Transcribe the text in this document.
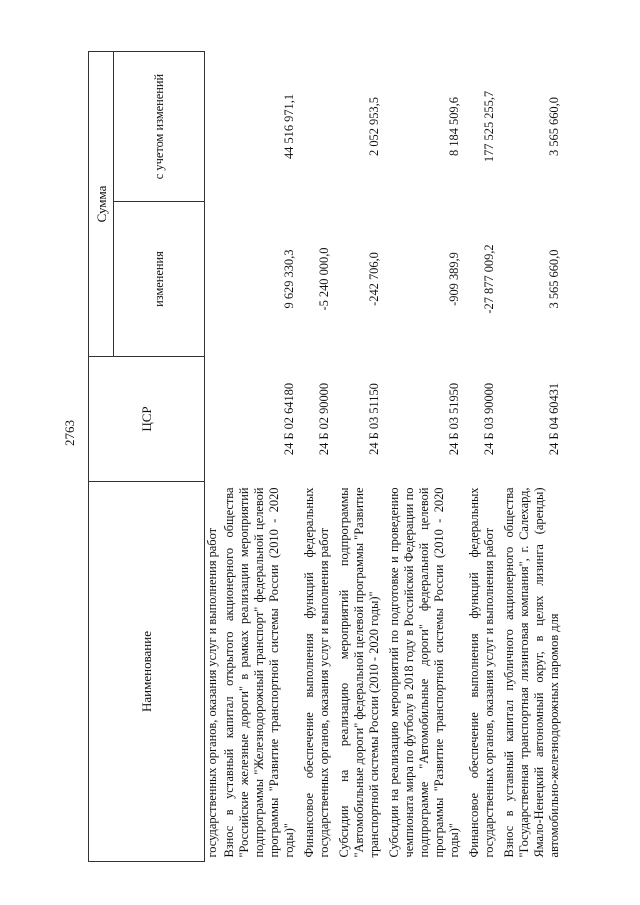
2763
Наименование	ЦСР	Сумма	
		изменения	с учетом изменений
государственных органов, оказания услуг и выполнения работ			
Взнос в уставный капитал открытого акционерного общества "Российские железные дороги" в рамках реализации мероприятий подпрограммы "Железнодорожный транспорт" федеральной целевой программы "Развитие транспортной системы России (2010 - 2020 годы)"	24 Б 02 64180	9 629 330,3	44 516 971,1
Финансовое обеспечение выполнения функций федеральных государственных органов, оказания услуг и выполнения работ	24 Б 02 90000	-5 240 000,0	
Субсидии на реализацию мероприятий подпрограммы "Автомобильные дороги" федеральной целевой программы "Развитие транспортной системы России (2010 - 2020 годы)"	24 Б 03 51150	-242 706,0	2 052 953,5
Субсидии на реализацию мероприятий по подготовке и проведению чемпионата мира по футболу в 2018 году в Российской Федерации по подпрограмме "Автомобильные дороги" федеральной целевой программы "Развитие транспортной системы России (2010 - 2020 годы)"	24 Б 03 51950	-909 389,9	8 184 509,6
Финансовое обеспечение выполнения функций федеральных государственных органов, оказания услуг и выполнения работ	24 Б 03 90000	-27 877 009,2	177 525 255,7
Взнос в уставный капитал публичного акционерного общества "Государственная транспортная лизинговая компания", г. Салехард, Ямало-Ненецкий автономный округ, в целях лизинга (аренды) автомобильно-железнодорожных паромов для	24 Б 04 60431	3 565 660,0	3 565 660,0
